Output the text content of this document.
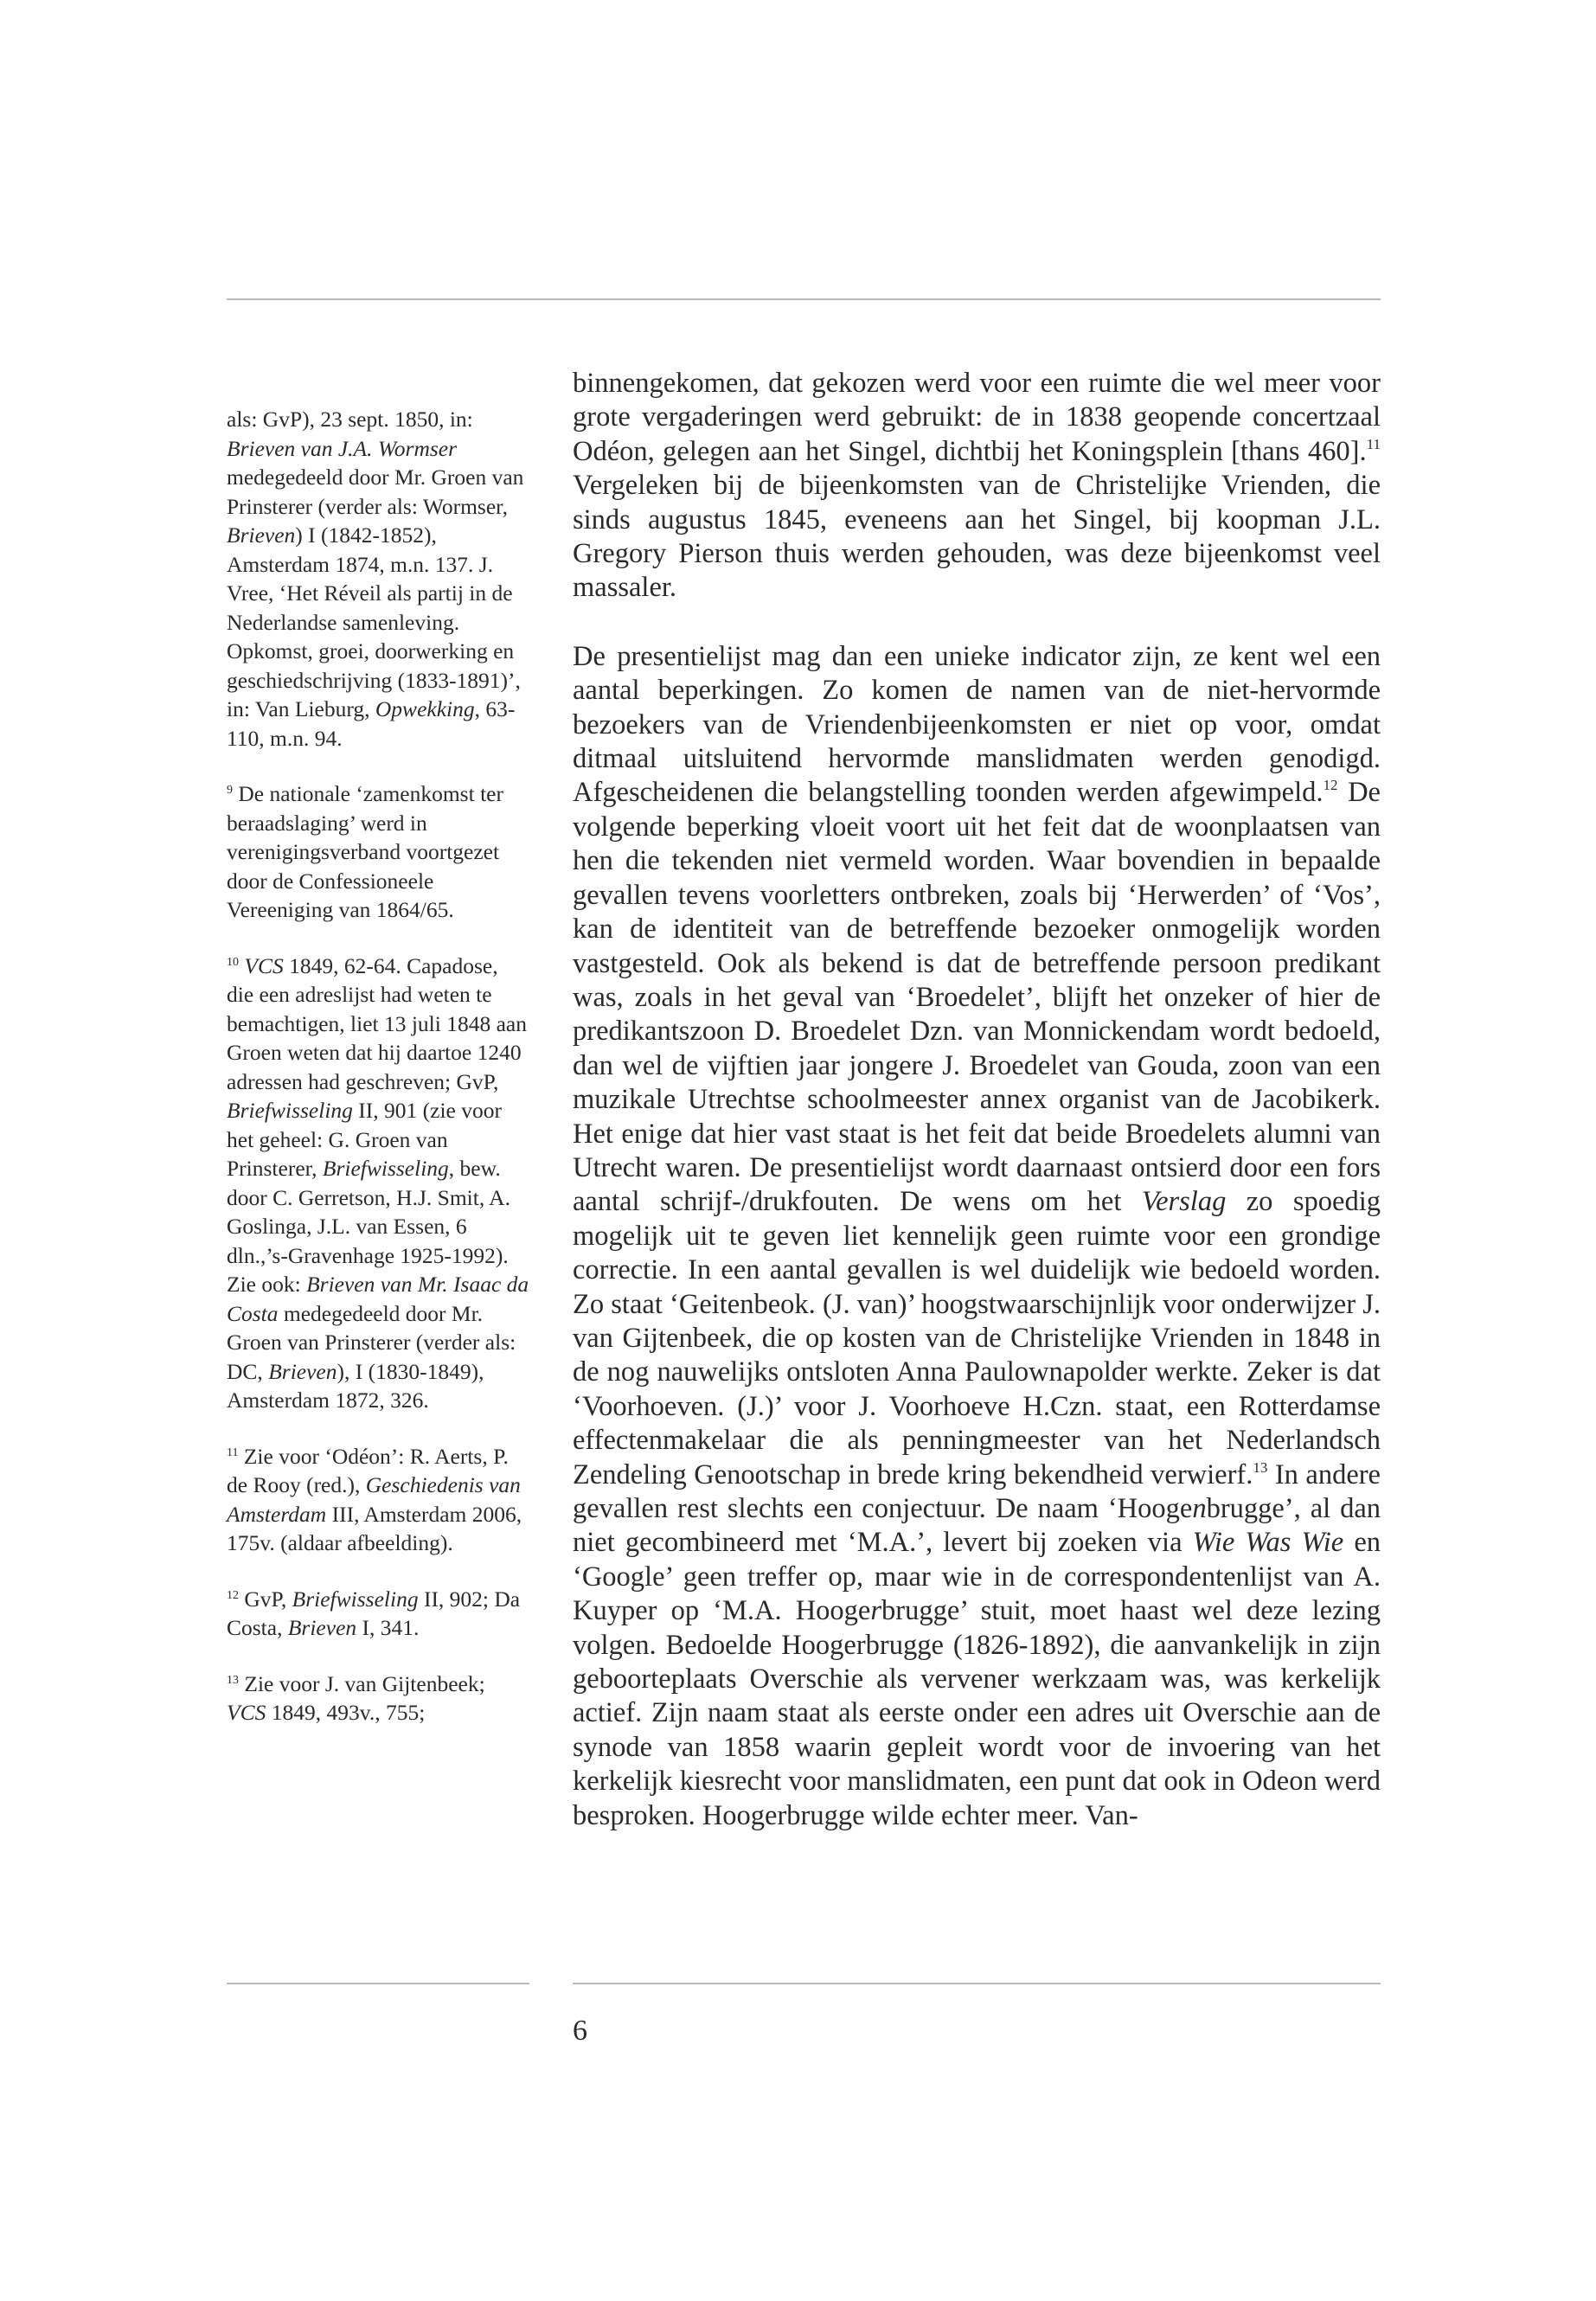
als: GvP), 23 sept. 1850, in: Brieven van J.A. Wormser medegedeeld door Mr. Groen van Prinsterer (verder als: Wormser, Brieven) I (1842-1852), Amsterdam 1874, m.n. 137. J. Vree, ‘Het Réveil als partij in de Nederlandse samenleving. Opkomst, groei, doorwerking en geschiedschrijving (1833-1891)’, in: Van Lieburg, Opwekking, 63-110, m.n. 94.

$^9$ De nationale ‘zamenkomst ter beraadslaging’ werd in verenigingsverband voortgezet door de Confessioneele Vereeniging van 1864/65.

$^{10}$ VCS 1849, 62-64. Capadose, die een adreslijst had weten te bemachtigen, liet 13 juli 1848 aan Groen weten dat hij daartoe 1240 adressen had geschreven; GvP, Briefwisseling II, 901 (zie voor het geheel: G. Groen van Prinsterer, Briefwisseling, bew. door C. Gerretson, H.J. Smit, A. Goslinga, J.L. van Essen, 6 dln.,’s-Gravenhage 1925-1992). Zie ook: Brieven van Mr. Isaac da Costa medegedeeld door Mr. Groen van Prinsterer (verder als: DC, Brieven), I (1830-1849), Amsterdam 1872, 326.

$^{11}$ Zie voor ‘Odéon’: R. Aerts, P. de Rooy (red.), Geschiedenis van Amsterdam III, Amsterdam 2006, 175v. (aldaar afbeelding).

$^{12}$ GvP, Briefwisseling II, 902; Da Costa, Brieven I, 341.

$^{13}$ Zie voor J. van Gijtenbeek; VCS 1849, 493v., 755;

binnengekomen, dat gekozen werd voor een ruimte die wel meer voor grote vergaderingen werd gebruikt: de in 1838 geopende concertzaal Odéon, gelegen aan het Singel, dichtbij het Koningsplein [thans 460].$^{11}$ Vergeleken bij de bijeenkomsten van de Christelijke Vrienden, die sinds augustus 1845, eveneens aan het Singel, bij koopman J.L. Gregory Pierson thuis werden gehouden, was deze bijeenkomst veel massaler.

De presentielijst mag dan een unieke indicator zijn, ze kent wel een aantal beperkingen. Zo komen de namen van de niet-hervormde bezoekers van de Vriendenbijeenkomsten er niet op voor, omdat ditmaal uitsluitend hervormde manslidmaten werden genodigd. Afgescheidenen die belangstelling toonden werden afgewimpeld.$^{12}$ De volgende beperking vloeit voort uit het feit dat de woonplaatsen van hen die tekenden niet vermeld worden. Waar bovendien in bepaalde gevallen tevens voorletters ontbreken, zoals bij ‘Herwerden’ of ‘Vos’, kan de identiteit van de betreffende bezoeker onmogelijk worden vastgesteld. Ook als bekend is dat de betreffende persoon predikant was, zoals in het geval van ‘Broedelet’, blijft het onzeker of hier de predikantszoon D. Broedelet Dzn. van Monnickendam wordt bedoeld, dan wel de vijftien jaar jongere J. Broedelet van Gouda, zoon van een muzikale Utrechtse schoolmeester annex organist van de Jacobikerk. Het enige dat hier vast staat is het feit dat beide Broedelets alumni van Utrecht waren. De presentielijst wordt daarnaast ontsierd door een fors aantal schrijf-/drukfouten. De wens om het Verslag zo spoedig mogelijk uit te geven liet kennelijk geen ruimte voor een grondige correctie. In een aantal gevallen is wel duidelijk wie bedoeld worden. Zo staat ‘Geitenbeok. (J. van)’ hoogstwaarschijnlijk voor onderwijzer J. van Gijtenbeek, die op kosten van de Christelijke Vrienden in 1848 in de nog nauwelijks ontsloten Anna Paulownapolder werkte. Zeker is dat ‘Voorhoeven. (J.)’ voor J. Voorhoeve H.Czn. staat, een Rotterdamse effectenmakelaar die als penningmeester van het Nederlandsch Zendeling Genootschap in brede kring bekendheid verwierf.$^{13}$ In andere gevallen rest slechts een conjectuur. De naam ‘Hoogenbrugge’, al dan niet gecombineerd met ‘M.A.’, levert bij zoeken via Wie Was Wie en ‘Google’ geen treffer op, maar wie in de correspondentenlijst van A. Kuyper op ‘M.A. Hoogerbrugge’ stuit, moet haast wel deze lezing volgen. Bedoelde Hoogerbrugge (1826-1892), die aanvankelijk in zijn geboorteplaats Overschie als vervener werkzaam was, was kerkelijk actief. Zijn naam staat als eerste onder een adres uit Overschie aan de synode van 1858 waarin gepleit wordt voor de invoering van het kerkelijk kiesrecht voor manslidmaten, een punt dat ook in Odeon werd besproken. Hoogerbrugge wilde echter meer. Van-

6
